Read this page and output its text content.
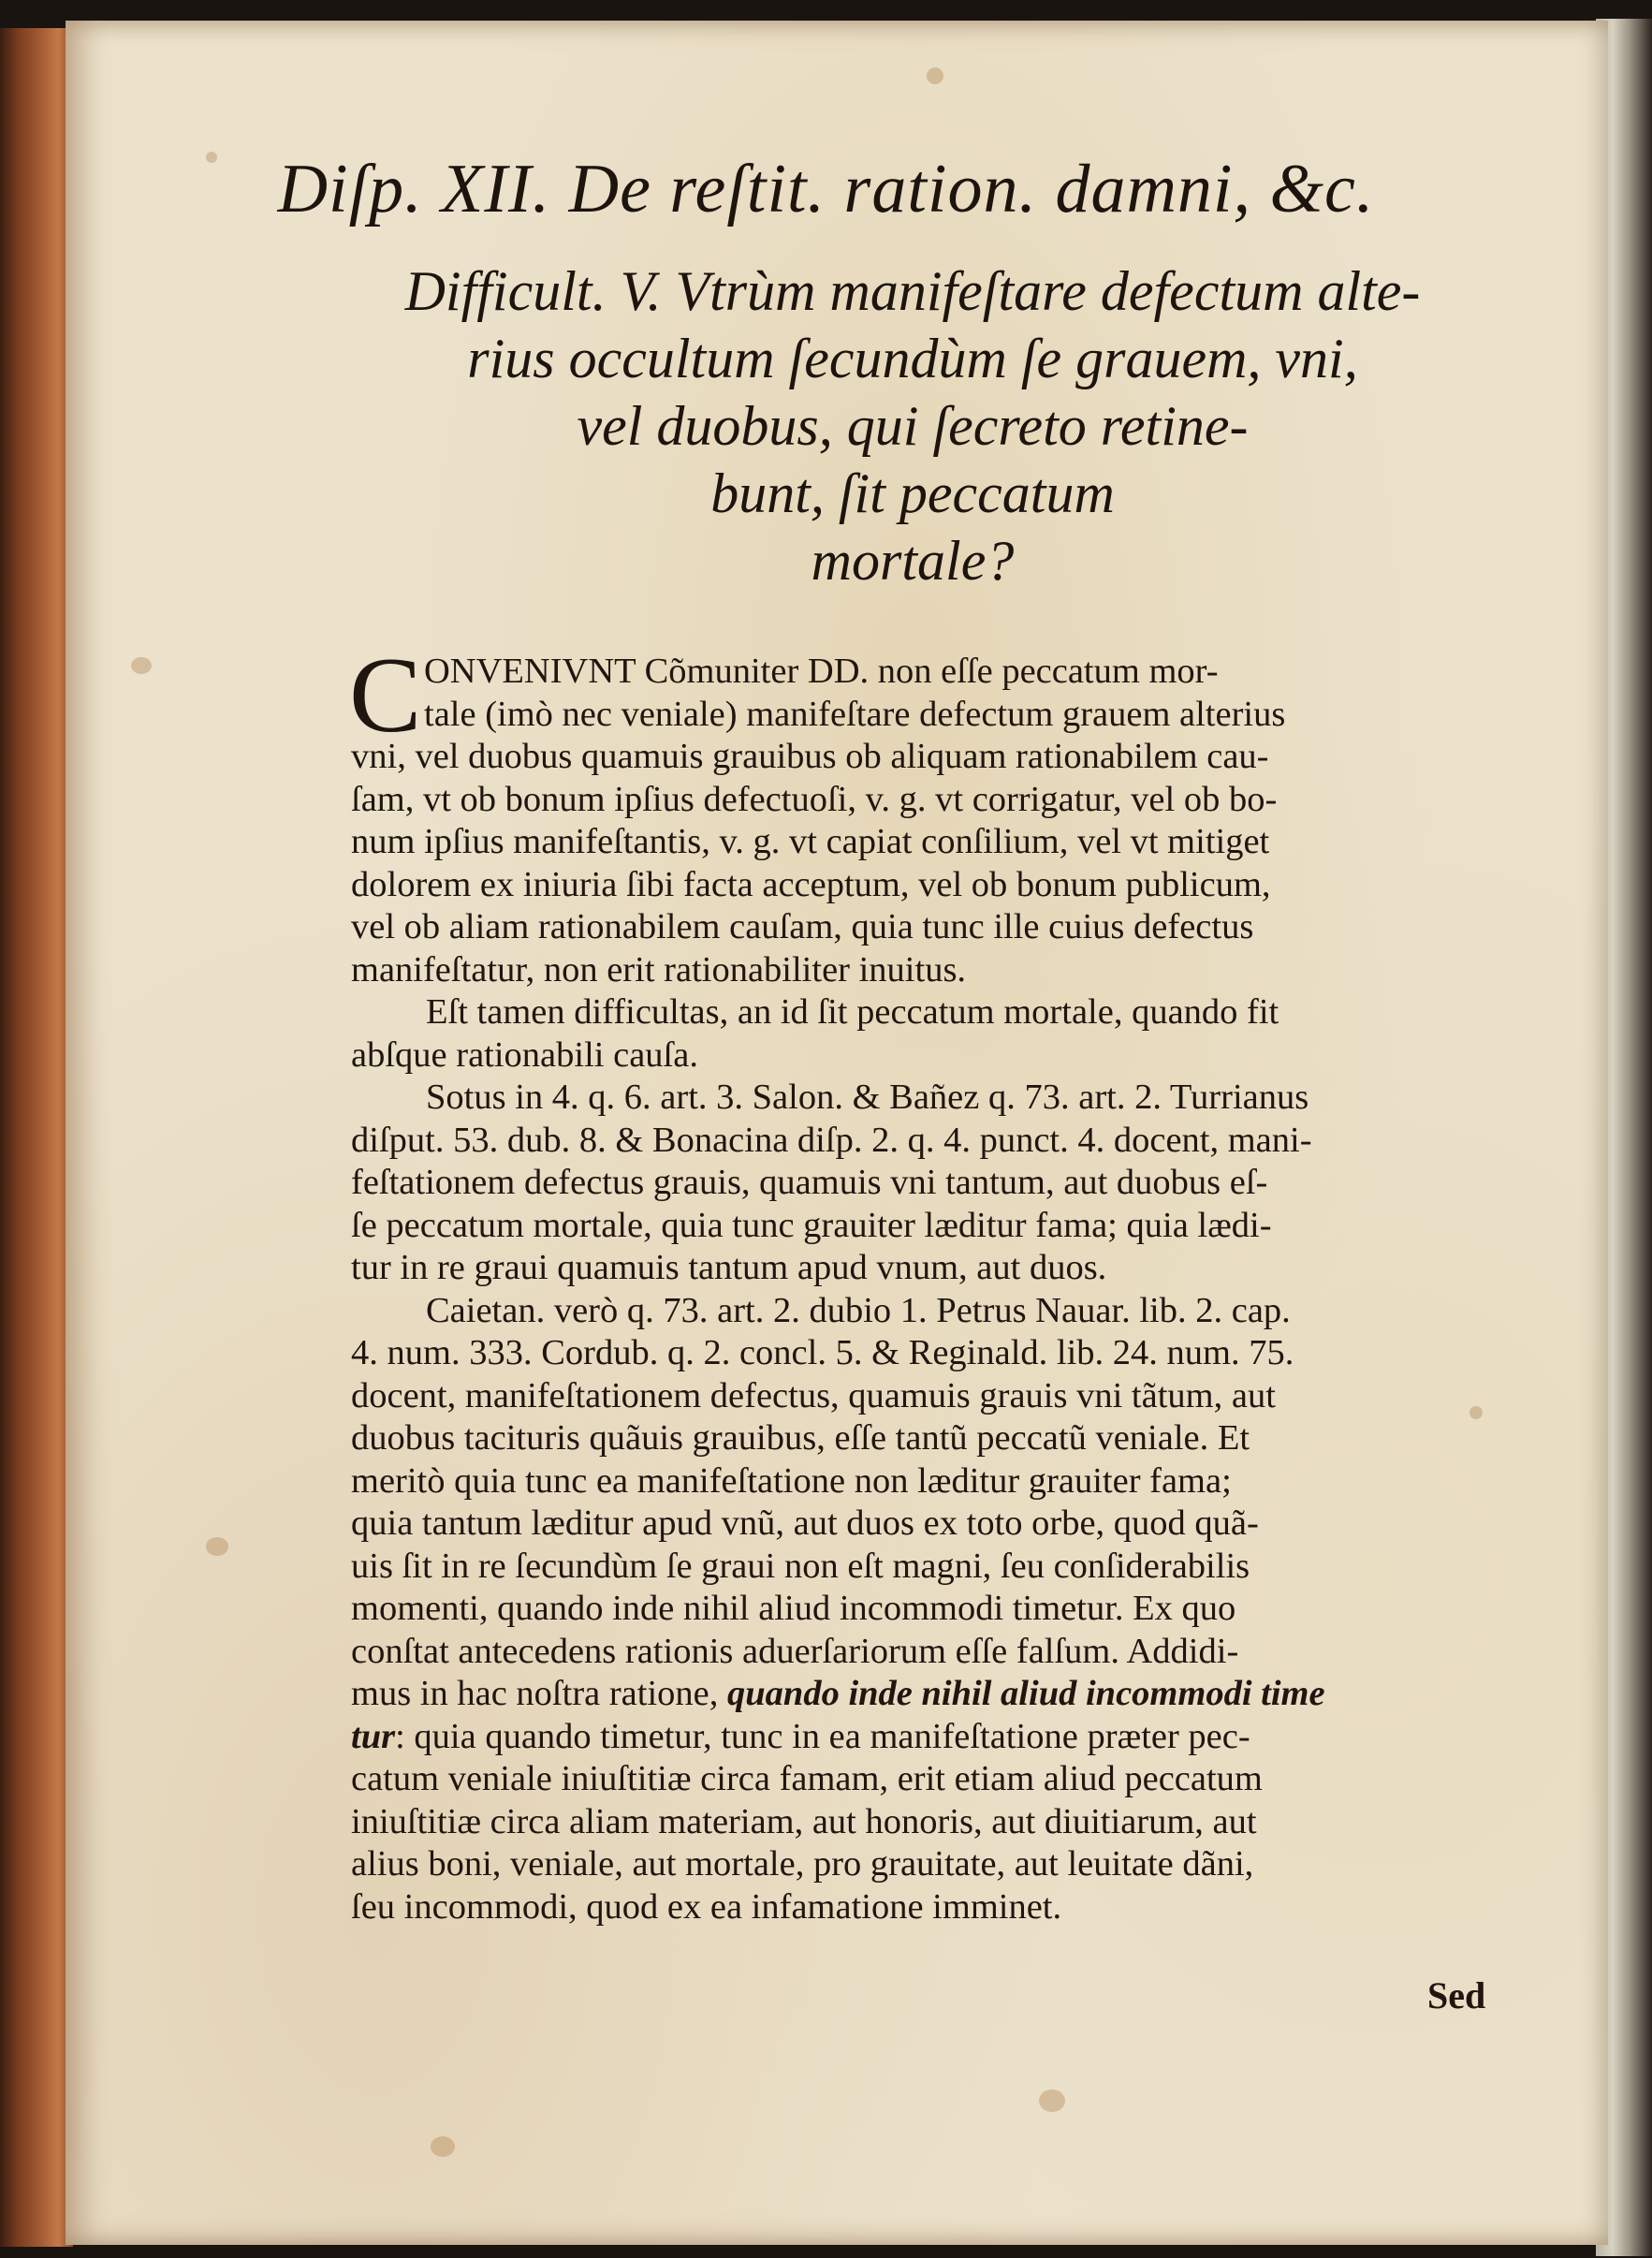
Diſp. XII. De reſtit. ration. damni, &c.
Difficult. V. Vtrùm manifeſtare defectum alte-
rius occultum ſecundùm ſe grauem, vni,
vel duobus, qui ſecreto retine-
bunt, ſit peccatum
mortale?
C ONVENIVNT Cõmuniter DD. non eſſe peccatum mor-
tale (imò nec veniale) manifeſtare defectum grauem alterius
vni, vel duobus quamuis grauibus ob aliquam rationabilem cau-
ſam, vt ob bonum ipſius defectuoſi, v. g. vt corrigatur, vel ob bo-
num ipſius manifeſtantis, v. g. vt capiat conſilium, vel vt mitiget
dolorem ex iniuria ſibi facta acceptum, vel ob bonum publicum,
vel ob aliam rationabilem cauſam, quia tunc ille cuius defectus
manifeſtatur, non erit rationabiliter inuitus.
Eſt tamen difficultas, an id ſit peccatum mortale, quando fit
abſque rationabili cauſa.
Sotus in 4. q. 6. art. 3. Salon. & Bañez q. 73. art. 2. Turrianus
diſput. 53. dub. 8. & Bonacina diſp. 2. q. 4. punct. 4. docent, mani-
feſtationem defectus grauis, quamuis vni tantum, aut duobus eſ-
ſe peccatum mortale, quia tunc grauiter læditur fama; quia lædi-
tur in re graui quamuis tantum apud vnum, aut duos.
Caietan. verò q. 73. art. 2. dubio 1. Petrus Nauar. lib. 2. cap.
4. num. 333. Cordub. q. 2. concl. 5. & Reginald. lib. 24. num. 75.
docent, manifeſtationem defectus, quamuis grauis vni tãtum, aut
duobus tacituris quãuis grauibus, eſſe tantũ peccatũ veniale. Et
meritò quia tunc ea manifeſtatione non læditur grauiter fama;
quia tantum læditur apud vnũ, aut duos ex toto orbe, quod quã-
uis ſit in re ſecundùm ſe graui non eſt magni, ſeu conſiderabilis
momenti, quando inde nihil aliud incommodi timetur. Ex quo
conſtat antecedens rationis aduerſariorum eſſe falſum. Addidi-
mus in hac noſtra ratione, quando inde nihil aliud incommodi time
tur: quia quando timetur, tunc in ea manifeſtatione præter pec-
catum veniale iniuſtitiæ circa famam, erit etiam aliud peccatum
iniuſtitiæ circa aliam materiam, aut honoris, aut diuitiarum, aut
alius boni, veniale, aut mortale, pro grauitate, aut leuitate dãni,
ſeu incommodi, quod ex ea infamatione imminet.
Sed
